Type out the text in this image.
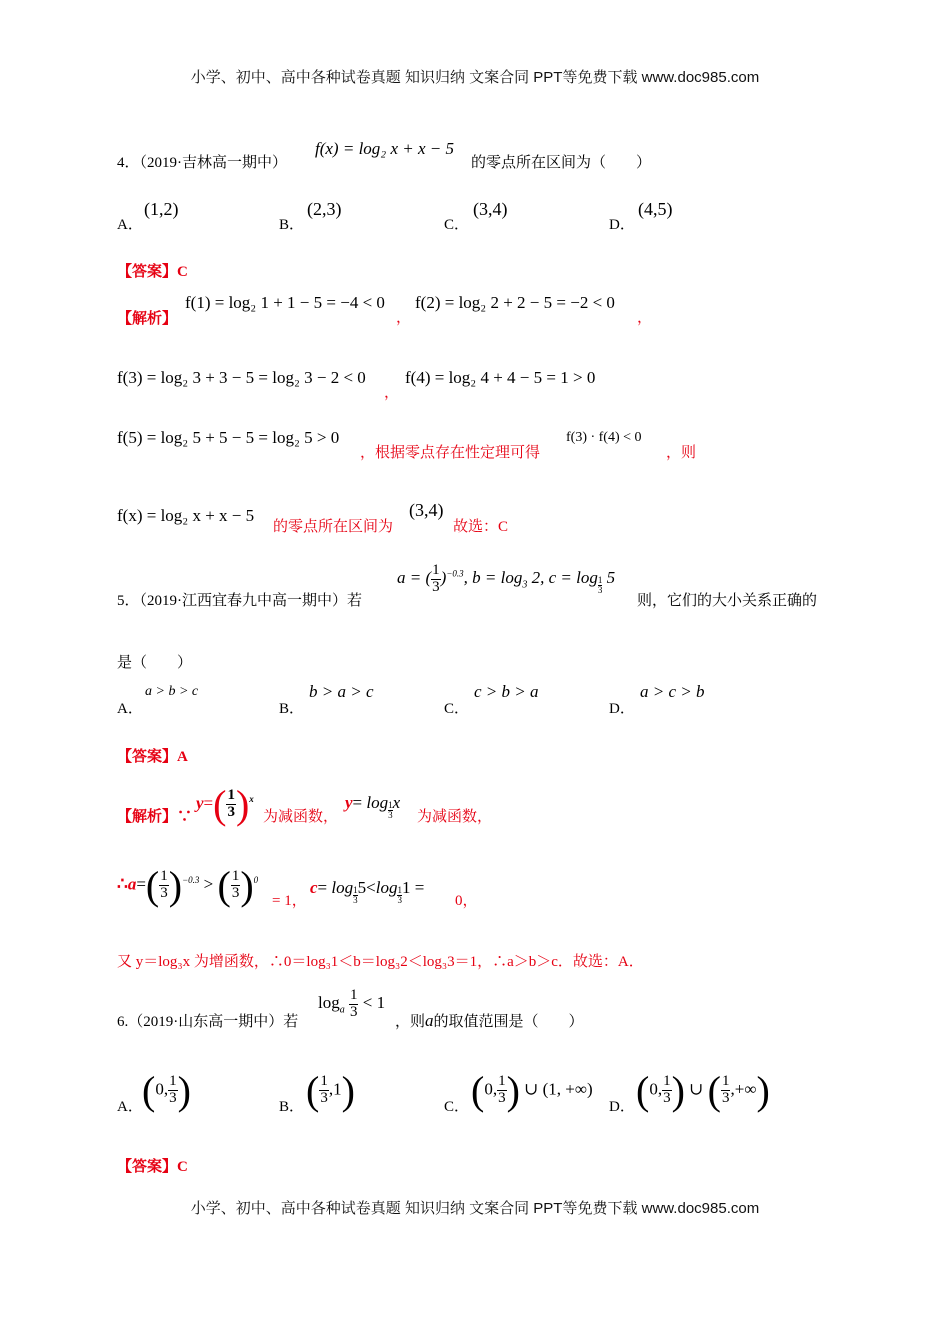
小学、初中、高中各种试卷真题 知识归纳 文案合同 PPT等免费下载 www.doc985.com
4．（2019·吉林高一期中）
f(x) = log₂ x + x − 5
的零点所在区间为（　　）
A．
(1,2)
B．
(2,3)
C．
(3,4)
D．
(4,5)
【答案】C
【解析】
f(1) = log₂ 1 + 1 − 5 = −4 < 0
，
f(2) = log₂ 2 + 2 − 5 = −2 < 0
，
f(3) = log₂ 3 + 3 − 5 = log₂ 3 − 2 < 0
，
f(4) = log₂ 4 + 4 − 5 = 1 > 0
f(5) = log₂ 5 + 5 − 5 = log₂ 5 > 0
，根据零点存在性定理可得
f(3) · f(4) < 0
，则
f(x) = log₂ x + x − 5
的零点所在区间为
(3,4)
故选：C
5．（2019·江西宜春九中高一期中）若
a = ( $\frac{1}{3} )^{-0.3}$, $b = \log_3 2$, $c = \log \frac{1}{3} 5$
则，它们的大小关系正确的
是（　　）
A．
a > b > c
B．
b > a > c
C．
c > b > a
D．
a > c > b
【答案】A
【解析】∵
$y=( \frac{1}{3} )^x$
为减函数，
$y= \log \frac{1}{3}x$
为减函数，
∴a=( $\frac{1}{3} )^{-0.3}$ > ( $\frac{1}{3} )^0$
= 1，
$c= \log \frac{1}{3}5<\log \frac{1}{3}1$ =
0，
又 y＝log₃x 为增函数，∴0＝log₃1＜b＝log₃2＜log₃3＝1，∴a＞b＞c．故选：A．
6.（2019·山东高一期中）若
$\log_a \frac{1}{3} < 1$
，则a的取值范围是（　　）
A． (0, $\frac{1}{3}$ )	B． ( $\frac{1}{3} ,1$)	C． (0, $\frac{1}{3}$ ) ∪ (1, +∞)
D． (0, $\frac{1}{3}$ ) ∪ ( $\frac{1}{3}$ ,+∞)
【答案】C
小学、初中、高中各种试卷真题 知识归纳 文案合同 PPT等免费下载 www.doc985.com
